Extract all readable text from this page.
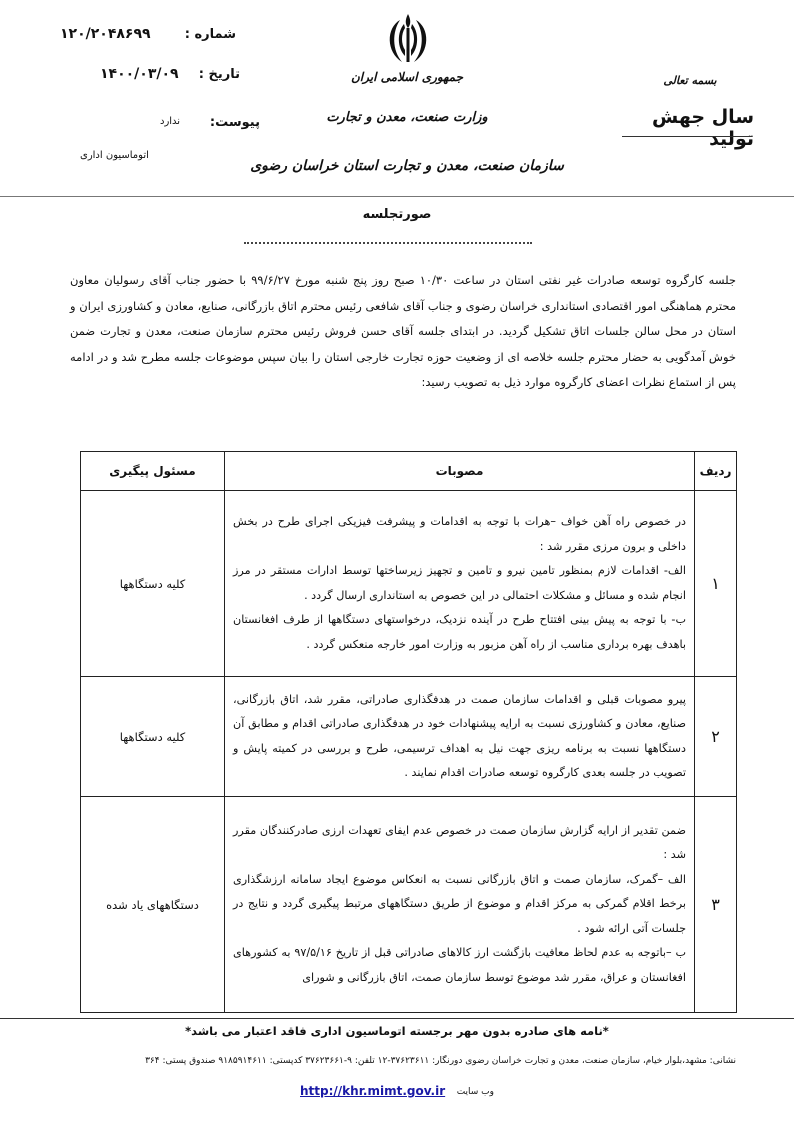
۱۲۰/۲۰۴۸۶۹۹	شماره :
۱۴۰۰/۰۳/۰۹ تاریخ :
ندارد پیوست:
اتوماسیون اداری
جمهوری اسلامی ایران
وزارت صنعت، معدن و تجارت
سازمان صنعت، معدن و تجارت استان خراسان رضوی
بسمه تعالی
سال جهش تولید
صورتجلسه
جلسه کارگروه توسعه صادرات غیر نفتی استان در ساعت ۱۰/۳۰ صبح روز پنج شنبه مورخ ۹۹/۶/۲۷ با حضور جناب آقای رسولیان معاون محترم هماهنگی امور اقتصادی استانداری خراسان رضوی و جناب آقای شافعی رئیس محترم اتاق بازرگانی، صنایع، معادن و کشاورزی ایران و استان در محل سالن جلسات اتاق تشکیل گردید. در ابتدای جلسه آقای حسن فروش رئیس محترم سازمان صنعت، معدن و تجارت ضمن خوش آمدگویی به حضار محترم جلسه خلاصه ای از وضعیت حوزه تجارت خارجی استان را بیان سپس موضوعات جلسه مطرح شد و در ادامه پس از استماع نظرات اعضای کارگروه موارد ذیل به تصویب رسید:
ردیف	مصوبات	مسئول پیگیری
۱	در خصوص راه آهن خواف –هرات با توجه به اقدامات و پیشرفت فیزیکی اجرای طرح در بخش داخلی و برون مرزی مقرر شد :
الف- اقدامات لازم بمنظور تامین نیرو و تامین و تجهیز زیرساختها توسط ادارات مستقر در مرز انجام شده و مسائل و مشکلات احتمالی در این خصوص به استانداری ارسال گردد .
ب- با توجه به پیش بینی افتتاح طرح در آینده نزدیک، درخواستهای دستگاهها از طرف افغانستان باهدف بهره برداری مناسب از راه آهن مزبور به وزارت امور خارجه منعکس گردد .	کلیه دستگاهها
۲	پیرو مصوبات قبلی و اقدامات سازمان صمت در هدفگذاری صادراتی، مقرر شد، اتاق بازرگانی، صنایع، معادن و کشاورزی نسبت به ارایه پیشنهادات خود در هدفگذاری صادراتی اقدام و مطابق آن دستگاهها نسبت به برنامه ریزی جهت نیل به اهداف ترسیمی، طرح و بررسی در کمیته پایش و تصویب در جلسه بعدی کارگروه توسعه صادرات اقدام نمایند .	کلیه دستگاهها
۳	ضمن تقدیر از ارایه گزارش سازمان صمت در خصوص عدم ایفای تعهدات ارزی صادرکنندگان مقرر شد :
الف –گمرک، سازمان صمت و اتاق بازرگانی نسبت به انعکاس موضوع ایجاد سامانه ارزشگذاری برخط اقلام گمرکی به مرکز اقدام و موضوع از طریق دستگاههای مرتبط پیگیری گردد و نتایج در جلسات آتی ارائه شود .
ب –باتوجه به عدم لحاظ معافیت بازگشت ارز کالاهای صادراتی قبل از تاریخ ۹۷/۵/۱۶ به کشورهای افغانستان و عراق، مقرر شد موضوع توسط سازمان صمت، اتاق بازرگانی و شورای	دستگاههای یاد شده
*نامه های صادره بدون مهر برجسته اتوماسیون اداری فاقد اعتبار می باشد*
نشانی: مشهد،بلوار خیام، سازمان صنعت، معدن و تجارت خراسان رضوی دورنگار: ۳۷۶۲۳۶۱۱-۱۲ تلفن: ۹-۳۷۶۲۳۶۶۱ کدپستی: ۹۱۸۵۹۱۴۶۱۱ صندوق پستی: ۳۶۴
http://khr.mimt.gov.ir وب سایت
